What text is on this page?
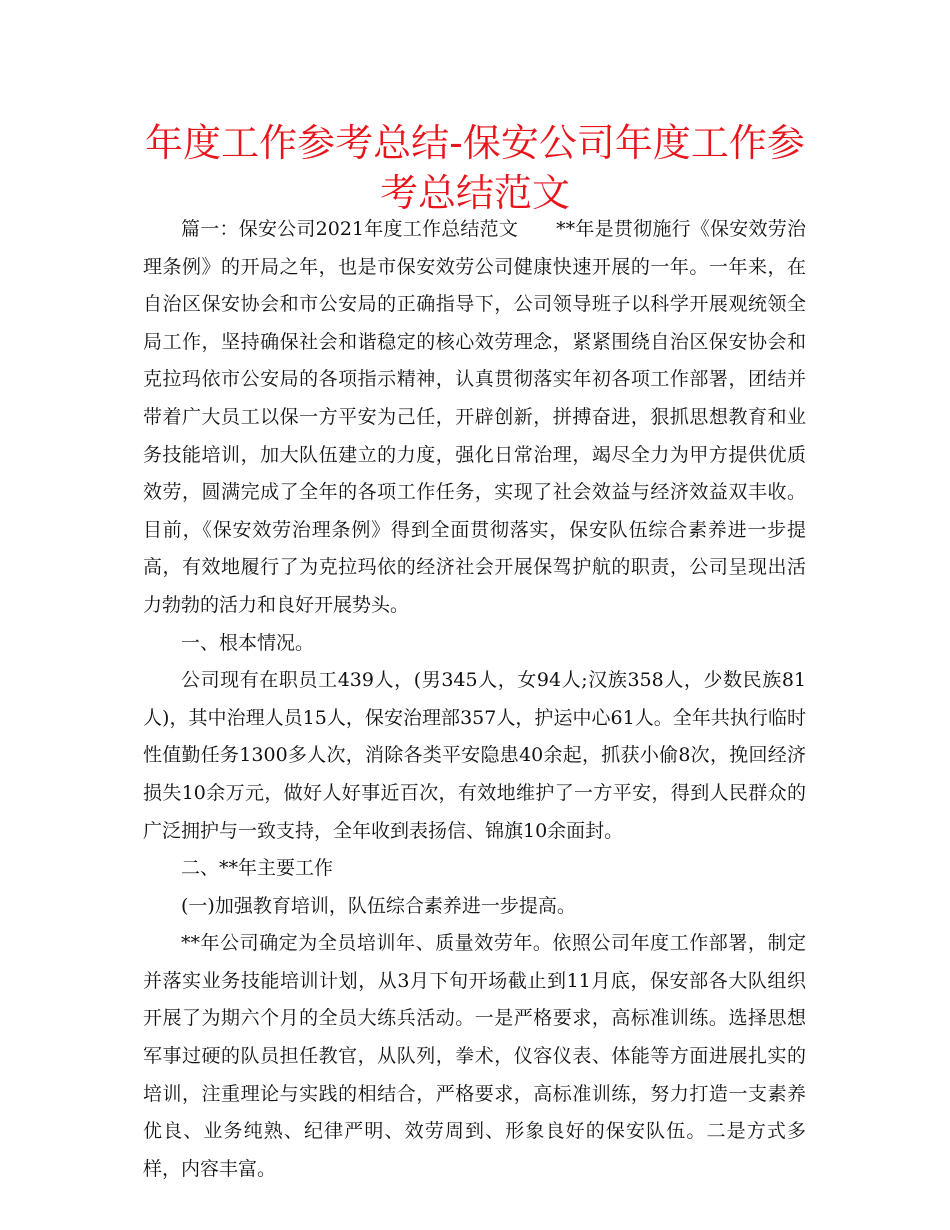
年度工作参考总结-保安公司年度工作参考总结范文

篇一：保安公司2021年度工作总结范文 **年是贯彻施行《保安效劳治理条例》的开局之年，也是市保安效劳公司健康快速开展的一年。一年来，在自治区保安协会和市公安局的正确指导下，公司领导班子以科学开展观统领全局工作，坚持确保社会和谐稳定的核心效劳理念，紧紧围绕自治区保安协会和克拉玛依市公安局的各项指示精神，认真贯彻落实年初各项工作部署，团结并带着广大员工以保一方平安为己任，开辟创新，拼搏奋进，狠抓思想教育和业务技能培训，加大队伍建立的力度，强化日常治理，竭尽全力为甲方提供优质效劳，圆满完成了全年的各项工作任务，实现了社会效益与经济效益双丰收。目前，《保安效劳治理条例》得到全面贯彻落实，保安队伍综合素养进一步提高，有效地履行了为克拉玛依的经济社会开展保驾护航的职责，公司呈现出活力勃勃的活力和良好开展势头。

一、根本情况。

公司现有在职员工439人，(男345人，女94人;汉族358人，少数民族81人)，其中治理人员15人，保安治理部357人，护运中心61人。全年共执行临时性值勤任务1300多人次，消除各类平安隐患40余起，抓获小偷8次，挽回经济损失10余万元，做好人好事近百次，有效地维护了一方平安，得到人民群众的广泛拥护与一致支持，全年收到表扬信、锦旗10余面封。

二、**年主要工作

(一)加强教育培训，队伍综合素养进一步提高。

**年公司确定为全员培训年、质量效劳年。依照公司年度工作部署，制定并落实业务技能培训计划，从3月下旬开场截止到11月底，保安部各大队组织开展了为期六个月的全员大练兵活动。一是严格要求，高标准训练。选择思想军事过硬的队员担任教官，从队列，拳术，仪容仪表、体能等方面进展扎实的培训，注重理论与实践的相结合，严格要求，高标准训练，努力打造一支素养优良、业务纯熟、纪律严明、效劳周到、形象良好的保安队伍。二是方式多样，内容丰富。
